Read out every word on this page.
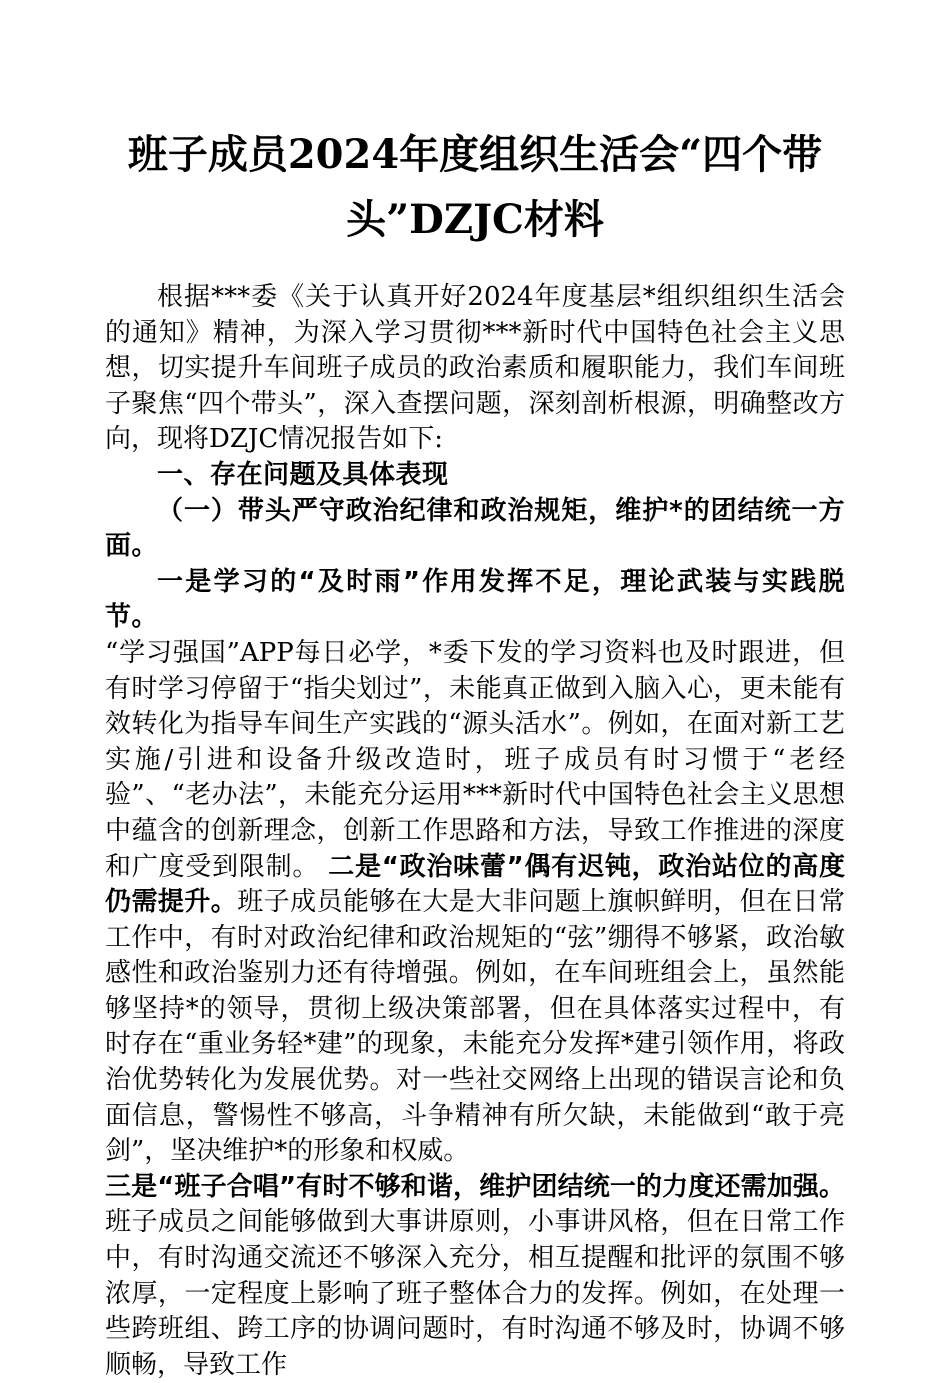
班子成员2024年度组织生活会“四个带
头”DZJC材料

根据***委《关于认真开好2024年度基层*组织组织生活会的通知》精神，为深入学习贯彻***新时代中国特色社会主义思想，切实提升车间班子成员的政治素质和履职能力，我们车间班子聚焦“四个带头”，深入查摆问题，深刻剖析根源，明确整改方向，现将DZJC情况报告如下:

一、存在问题及具体表现

（一）带头严守政治纪律和政治规矩，维护*的团结统一方面。

一是学习的“及时雨”作用发挥不足，理论武装与实践脱节。

“学习强国”APP每日必学，*委下发的学习资料也及时跟进，但有时学习停留于“指尖划过”，未能真正做到入脑入心，更未能有效转化为指导车间生产实践的“源头活水”。例如，在面对新工艺实施/引进和设备升级改造时，班子成员有时习惯于“老经验”、“老办法”，未能充分运用***新时代中国特色社会主义思想中蕴含的创新理念，创新工作思路和方法，导致工作推进的深度和广度受到限制。 二是“政治味蕾”偶有迟钝，政治站位的高度仍需提升。班子成员能够在大是大非问题上旗帜鲜明，但在日常工作中，有时对政治纪律和政治规矩的“弦”绷得不够紧，政治敏感性和政治鉴别力还有待增强。例如，在车间班组会上，虽然能够坚持*的领导，贯彻上级决策部署，但在具体落实过程中，有时存在“重业务轻*建”的现象，未能充分发挥*建引领作用，将政治优势转化为发展优势。对一些社交网络上出现的错误言论和负面信息，警惕性不够高，斗争精神有所欠缺，未能做到“敢于亮剑”，坚决维护*的形象和权威。

三是“班子合唱”有时不够和谐，维护团结统一的力度还需加强。班子成员之间能够做到大事讲原则，小事讲风格，但在日常工作中，有时沟通交流还不够深入充分，相互提醒和批评的氛围不够浓厚，一定程度上影响了班子整体合力的发挥。例如，在处理一些跨班组、跨工序的协调问题时，有时沟通不够及时，协调不够顺畅，导致工作
